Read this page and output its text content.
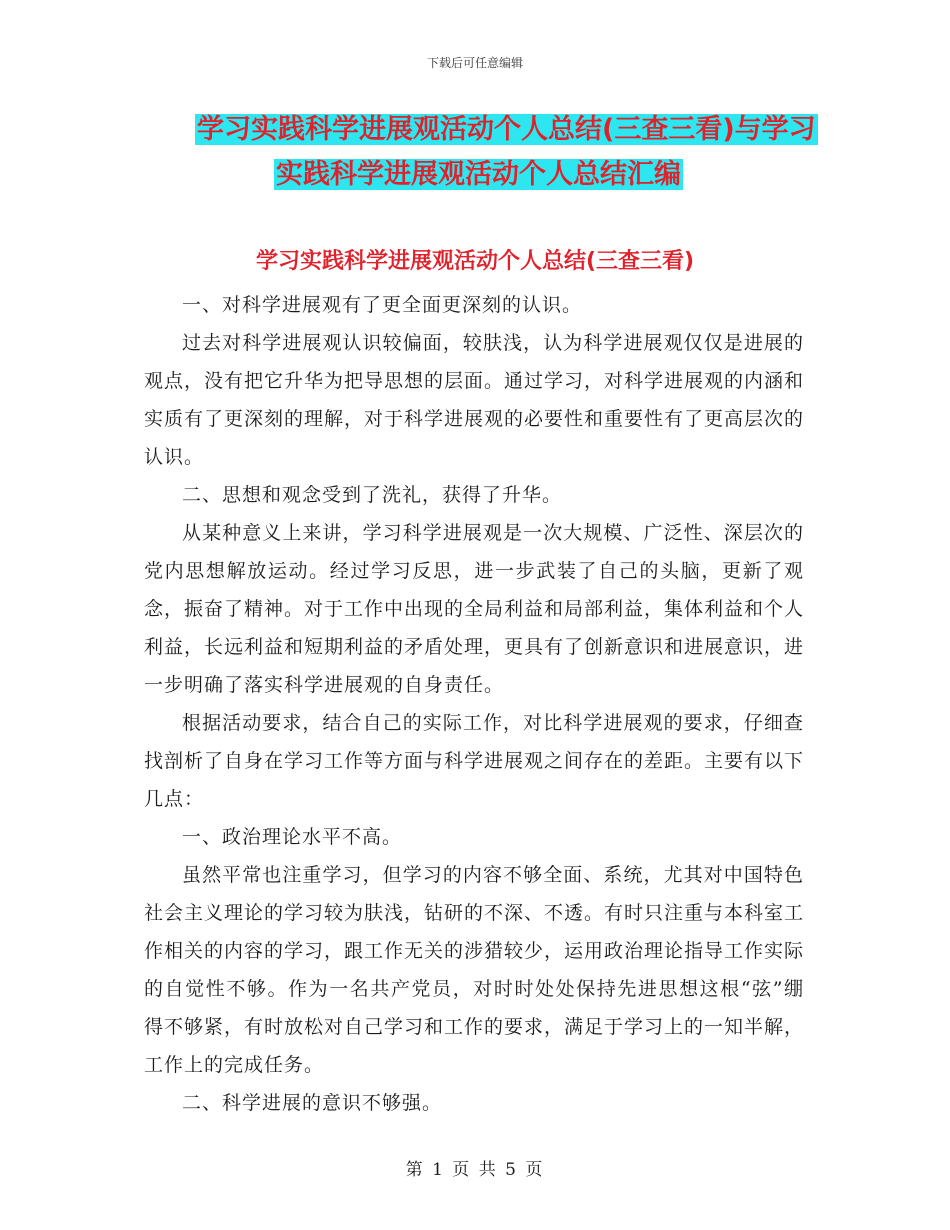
下载后可任意编辑
学习实践科学进展观活动个人总结(三查三看)与学习
实践科学进展观活动个人总结汇编
学习实践科学进展观活动个人总结(三查三看)

一、对科学进展观有了更全面更深刻的认识。

过去对科学进展观认识较偏面，较肤浅，认为科学进展观仅仅是进展的观点，没有把它升华为把导思想的层面。通过学习，对科学进展观的内涵和实质有了更深刻的理解，对于科学进展观的必要性和重要性有了更高层次的认识。

二、思想和观念受到了洗礼，获得了升华。

从某种意义上来讲，学习科学进展观是一次大规模、广泛性、深层次的党内思想解放运动。经过学习反思，进一步武装了自己的头脑，更新了观念，振奋了精神。对于工作中出现的全局利益和局部利益，集体利益和个人利益，长远利益和短期利益的矛盾处理，更具有了创新意识和进展意识，进一步明确了落实科学进展观的自身责任。

根据活动要求，结合自己的实际工作，对比科学进展观的要求，仔细查找剖析了自身在学习工作等方面与科学进展观之间存在的差距。主要有以下几点：

一、政治理论水平不高。

虽然平常也注重学习，但学习的内容不够全面、系统，尤其对中国特色社会主义理论的学习较为肤浅，钻研的不深、不透。有时只注重与本科室工作相关的内容的学习，跟工作无关的涉猎较少，运用政治理论指导工作实际的自觉性不够。作为一名共产党员，对时时处处保持先进思想这根“弦”绷得不够紧，有时放松对自己学习和工作的要求，满足于学习上的一知半解，工作上的完成任务。

二、科学进展的意识不够强。

第 1 页 共 5 页
